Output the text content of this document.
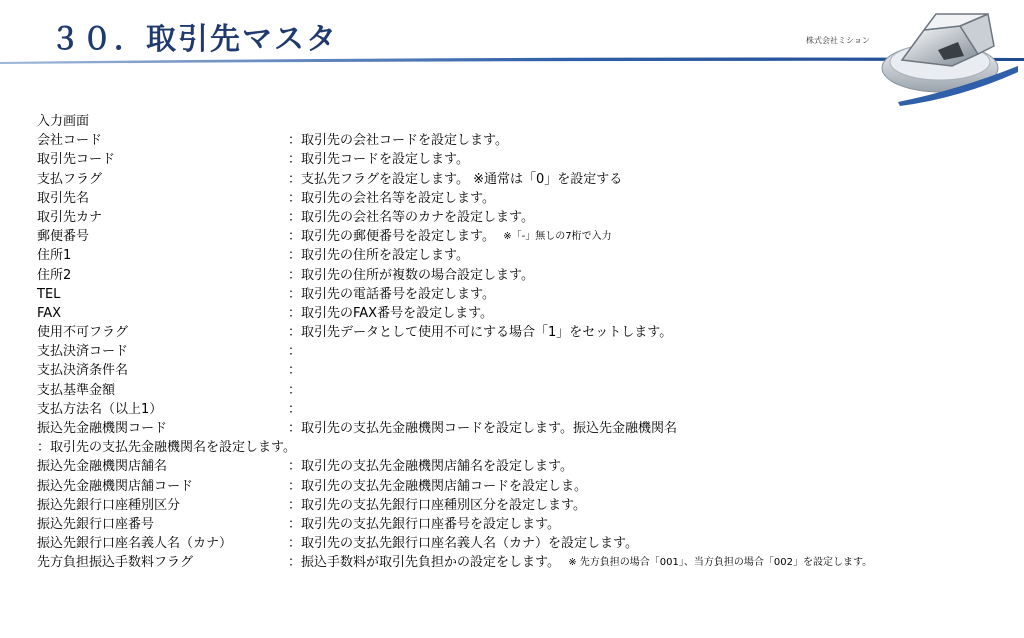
３０．取引先マスタ	株式会社ミション
入力画面
会社コード	：取引先の会社コードを設定します。
取引先コード	：取引先コードを設定します。
支払フラグ	：支払先フラグを設定します。 ※通常は「0」を設定する
取引先名	：取引先の会社名等を設定します。
取引先カナ	：取引先の会社名等のカナを設定します。
郵便番号	：取引先の郵便番号を設定します。
※「-」無しの7桁で入力
住所1	：取引先の住所を設定します。
住所2	：取引先の住所が複数の場合設定します。
TEL	：取引先の電話番号を設定します。
FAX	：取引先のFAX番号を設定します。
使用不可フラグ	：取引先データとして使用不可にする場合「1」をセットします。
支払決済コード	：
支払決済条件名	：
支払基準金額	：
支払方法名（以上1）	：
振込先金融機関コード	：取引先の支払先金融機関コードを設定します。振込先金融機関名
：取引先の支払先金融機関名を設定します。
振込先金融機関店舗名	：取引先の支払先金融機関店舗名を設定します。
振込先金融機関店舗コード	：取引先の支払先金融機関店舗コードを設定しま。
振込先銀行口座種別区分	：取引先の支払先銀行口座種別区分を設定します。
振込先銀行口座番号	：取引先の支払先銀行口座番号を設定します。
振込先銀行口座名義人名（カナ）	：取引先の支払先銀行口座名義人名（カナ）を設定します。
先方負担振込手数料フラグ	：振込手数料が取引先負担かの設定をします。
※ 先方負担の場合「001」、当方負担の場合「002」を設定します。
